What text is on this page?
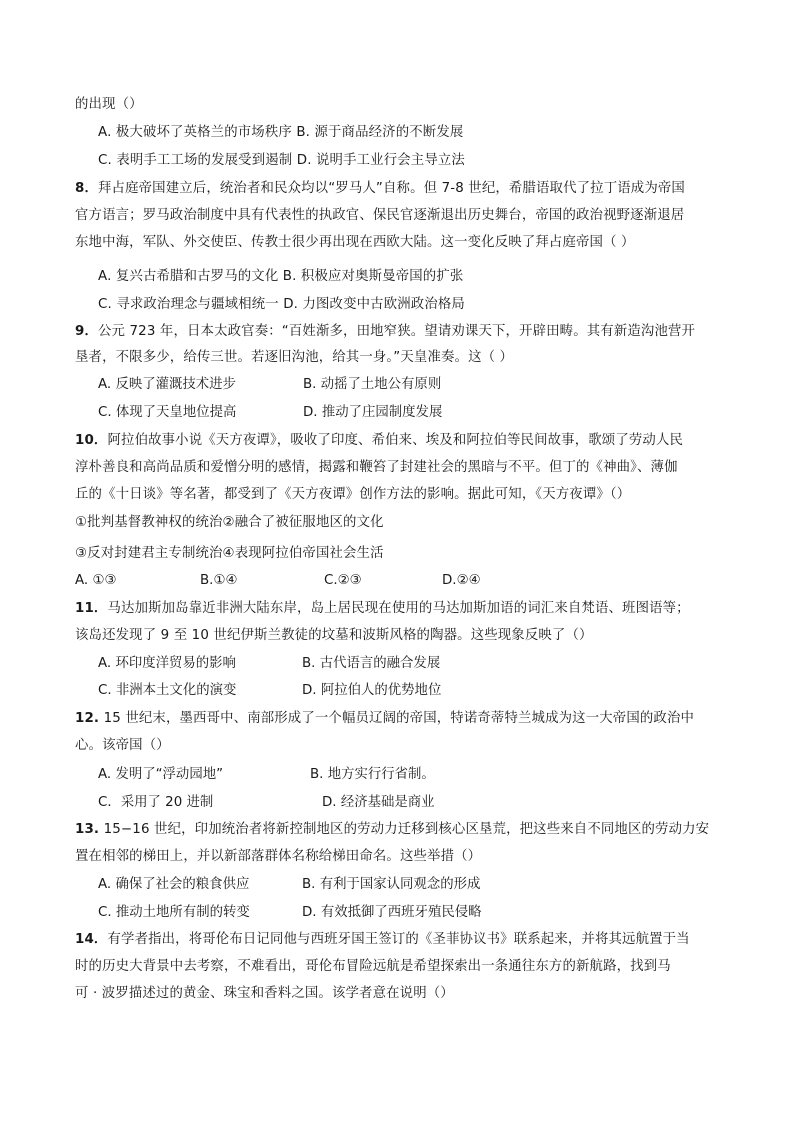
的出现（）
A. 极大破坏了英格兰的市场秩序 B. 源于商品经济的不断发展
C. 表明手工工场的发展受到遏制 D. 说明手工业行会主导立法
8．拜占庭帝国建立后，统治者和民众均以“罗马人”自称。但 7-8 世纪，希腊语取代了拉丁语成为帝国
官方语言；罗马政治制度中具有代表性的执政官、保民官逐渐退出历史舞台，帝国的政治视野逐渐退居
东地中海，军队、外交使臣、传教士很少再出现在西欧大陆。这一变化反映了拜占庭帝国（ ）
A. 复兴古希腊和古罗马的文化 B. 积极应对奥斯曼帝国的扩张
C. 寻求政治理念与疆域相统一 D. 力图改变中古欧洲政治格局
9．公元 723 年，日本太政官奏：“百姓渐多，田地窄狭。望请劝课天下，开辟田畴。其有新造沟池营开
垦者，不限多少，给传三世。若逐旧沟池，给其一身。”天皇准奏。这（ ）
A. 反映了灌溉技术进步	B. 动摇了土地公有原则
C. 体现了天皇地位提高	D. 推动了庄园制度发展
10．阿拉伯故事小说《天方夜谭》，吸收了印度、希伯来、埃及和阿拉伯等民间故事，歌颂了劳动人民
淳朴善良和高尚品质和爱憎分明的感情，揭露和鞭笞了封建社会的黑暗与不平。但丁的《神曲》、薄伽
丘的《十日谈》等名著，都受到了《天方夜谭》创作方法的影响。据此可知，《天方夜谭》（）
①批判基督教神权的统治②融合了被征服地区的文化
③反对封建君主专制统治④表现阿拉伯帝国社会生活
A. ①③	B.①④	C.②③	D.②④
11．马达加斯加岛靠近非洲大陆东岸，岛上居民现在使用的马达加斯加语的词汇来自梵语、班图语等；
该岛还发现了 9 至 10 世纪伊斯兰教徒的坟墓和波斯风格的陶器。这些现象反映了（）
A. 环印度洋贸易的影响	B. 古代语言的融合发展
C. 非洲本土文化的演变	D. 阿拉伯人的优势地位
12. 15 世纪末，墨西哥中、南部形成了一个幅员辽阔的帝国，特诺奇蒂特兰城成为这一大帝国的政治中
心。该帝国（）
A. 发明了“浮动园地”	B. 地方实行行省制。
C．采用了 20 进制	D. 经济基础是商业
13. 15−16 世纪，印加统治者将新控制地区的劳动力迁移到核心区垦荒，把这些来自不同地区的劳动力安
置在相邻的梯田上，并以新部落群体名称给梯田命名。这些举措（）
A. 确保了社会的粮食供应	B. 有利于国家认同观念的形成
C. 推动土地所有制的转变	D. 有效抵御了西班牙殖民侵略
14．有学者指出，将哥伦布日记同他与西班牙国王签订的《圣菲协议书》联系起来，并将其远航置于当
时的历史大背景中去考察，不难看出，哥伦布冒险远航是希望探索出一条通往东方的新航路，找到马
可 · 波罗描述过的黄金、珠宝和香料之国。该学者意在说明（）
